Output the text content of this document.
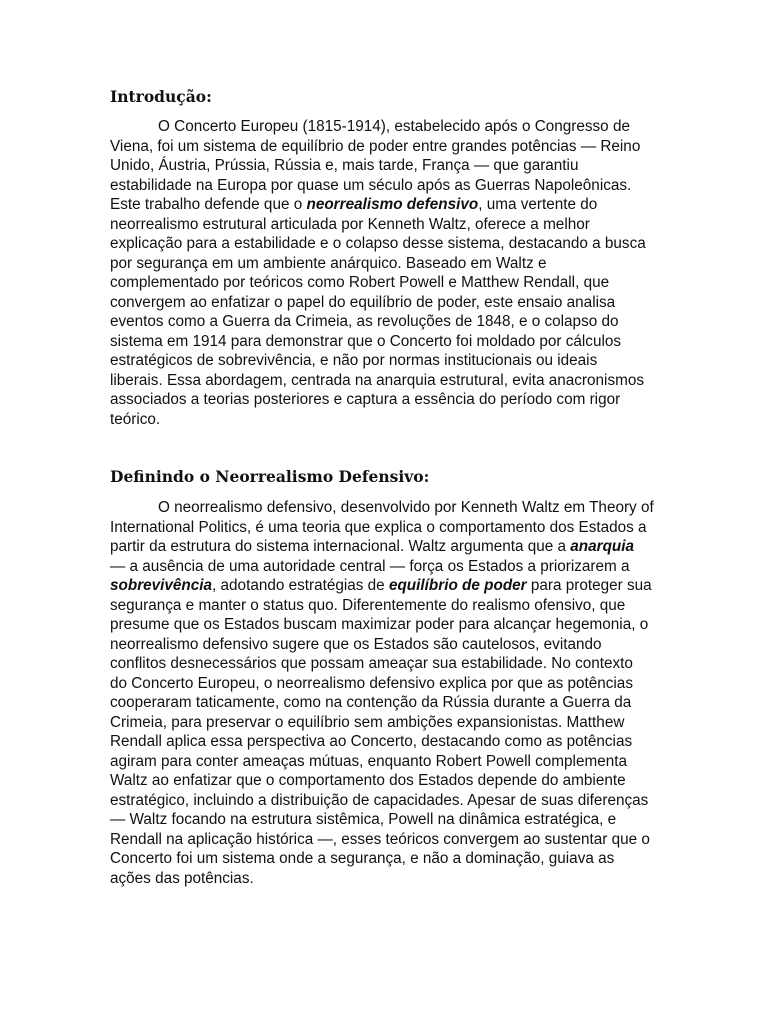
Introdução:
O Concerto Europeu (1815-1914), estabelecido após o Congresso de
Viena, foi um sistema de equilíbrio de poder entre grandes potências — Reino
Unido, Áustria, Prússia, Rússia e, mais tarde, França — que garantiu
estabilidade na Europa por quase um século após as Guerras Napoleônicas.
Este trabalho defende que o neorrealismo defensivo, uma vertente do
neorrealismo estrutural articulada por Kenneth Waltz, oferece a melhor
explicação para a estabilidade e o colapso desse sistema, destacando a busca
por segurança em um ambiente anárquico. Baseado em Waltz e
complementado por teóricos como Robert Powell e Matthew Rendall, que
convergem ao enfatizar o papel do equilíbrio de poder, este ensaio analisa
eventos como a Guerra da Crimeia, as revoluções de 1848, e o colapso do
sistema em 1914 para demonstrar que o Concerto foi moldado por cálculos
estratégicos de sobrevivência, e não por normas institucionais ou ideais
liberais. Essa abordagem, centrada na anarquia estrutural, evita anacronismos
associados a teorias posteriores e captura a essência do período com rigor
teórico.
Definindo o Neorrealismo Defensivo:
O neorrealismo defensivo, desenvolvido por Kenneth Waltz em Theory of
International Politics, é uma teoria que explica o comportamento dos Estados a
partir da estrutura do sistema internacional. Waltz argumenta que a anarquia
— a ausência de uma autoridade central — força os Estados a priorizarem a
sobrevivência, adotando estratégias de equilíbrio de poder para proteger sua
segurança e manter o status quo. Diferentemente do realismo ofensivo, que
presume que os Estados buscam maximizar poder para alcançar hegemonia, o
neorrealismo defensivo sugere que os Estados são cautelosos, evitando
conflitos desnecessários que possam ameaçar sua estabilidade. No contexto
do Concerto Europeu, o neorrealismo defensivo explica por que as potências
cooperaram taticamente, como na contenção da Rússia durante a Guerra da
Crimeia, para preservar o equilíbrio sem ambições expansionistas. Matthew
Rendall aplica essa perspectiva ao Concerto, destacando como as potências
agiram para conter ameaças mútuas, enquanto Robert Powell complementa
Waltz ao enfatizar que o comportamento dos Estados depende do ambiente
estratégico, incluindo a distribuição de capacidades. Apesar de suas diferenças
— Waltz focando na estrutura sistêmica, Powell na dinâmica estratégica, e
Rendall na aplicação histórica —, esses teóricos convergem ao sustentar que o
Concerto foi um sistema onde a segurança, e não a dominação, guiava as
ações das potências.
